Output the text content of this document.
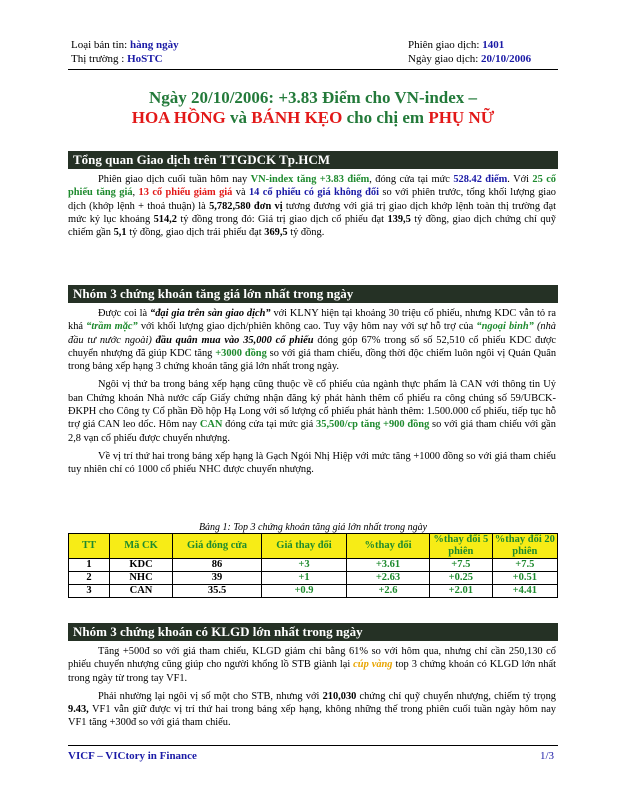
Loại bản tin: hàng ngày
Thị trường : HoSTC
Phiên giao dịch: 1401
Ngày giao dịch: 20/10/2006
Ngày 20/10/2006: +3.83 Điểm cho VN-index –
HOA HỒNG và BÁNH KẸO cho chị em PHỤ NỮ
Tổng quan Giao dịch trên TTGDCK Tp.HCM

Phiên giao dịch cuối tuần hôm nay VN-index tăng +3.83 điểm, đóng cửa tại mức 528.42 điểm. Với 25 cổ phiếu tăng giá, 13 cổ phiếu giảm giá và 14 cổ phiếu có giá không đổi so với phiên trước, tổng khối lượng giao dịch (khớp lệnh + thoả thuận) là 5,782,580 đơn vị tương đương với giá trị giao dịch khớp lệnh toàn thị trường đạt mức kỷ lục khoảng 514,2 tỷ đồng trong đó: Giá trị giao dịch cổ phiếu đạt 139,5 tỷ đồng, giao dịch chứng chỉ quỹ chiếm gần 5,1 tỷ đồng, giao dịch trái phiếu đạt 369,5 tỷ đồng.

Nhóm 3 chứng khoán tăng giá lớn nhất trong ngày

Được coi là “đại gia trên sàn giao dịch” với KLNY hiện tại khoảng 30 triệu cổ phiếu, nhưng KDC vẫn tỏ ra khá “trầm mặc” với khối lượng giao dịch/phiên không cao. Tuy vậy hôm nay với sự hỗ trợ của “ngoại binh” (nhà đầu tư nước ngoài) đầu quân mua vào 35,000 cổ phiếu đóng góp 67% trong số số 52,510 cổ phiếu KDC được chuyển nhượng đã giúp KDC tăng +3000 đồng so với giá tham chiếu, đồng thời độc chiếm luôn ngôi vị Quán Quân trong bảng xếp hạng 3 chứng khoán tăng giá lớn nhất trong ngày.

Ngôi vị thứ ba trong bảng xếp hạng cũng thuộc về cổ phiếu của ngành thực phẩm là CAN với thông tin Uỷ ban Chứng khoán Nhà nước cấp Giấy chứng nhận đăng ký phát hành thêm cổ phiếu ra công chúng số 59/UBCK-ĐKPH cho Công ty Cổ phần Đồ hộp Hạ Long với số lượng cổ phiếu phát hành thêm: 1.500.000 cổ phiếu, tiếp tục hỗ trợ giá CAN leo dốc. Hôm nay CAN đóng cửa tại mức giá 35,500/cp tăng +900 đồng so với giá tham chiếu với gần 2,8 vạn cổ phiếu được chuyển nhượng.

Về vị trí thứ hai trong bảng xếp hạng là Gạch Ngói Nhị Hiệp với mức tăng +1000 đồng so với giá tham chiếu tuy nhiên chỉ có 1000 cổ phiếu NHC được chuyển nhượng.

Bảng 1: Top 3 chứng khoán tăng giá lớn nhất trong ngày
TT	Mã CK	Giá đóng cửa	Giá thay đổi	%thay đổi	%thay đổi 5 phiên	%thay đổi 20 phiên
1	KDC	86	+3	+3.61	+7.5	+7.5
2	NHC	39	+1	+2.63	+0.25	+0.51
3	CAN	35.5	+0.9	+2.6	+2.01	+4.41
Nhóm 3 chứng khoán có KLGD lớn nhất trong ngày

Tăng +500đ so với giá tham chiếu, KLGD giảm chỉ bằng 61% so với hôm qua, nhưng chỉ cần 250,130 cổ phiếu chuyển nhượng cũng giúp cho người khổng lồ STB giành lại cúp vàng top 3 chứng khoán có KLGD lớn nhất trong ngày từ trong tay VF1.

Phải nhường lại ngôi vị số một cho STB, nhưng với 210,030 chứng chỉ quỹ chuyển nhượng, chiếm tỷ trọng 9.43, VF1 vẫn giữ được vị trí thứ hai trong bảng xếp hạng, không những thế trong phiên cuối tuần ngày hôm nay VF1 tăng +300đ so với giá tham chiếu.

VICF – VICtory in Finance	1/3
